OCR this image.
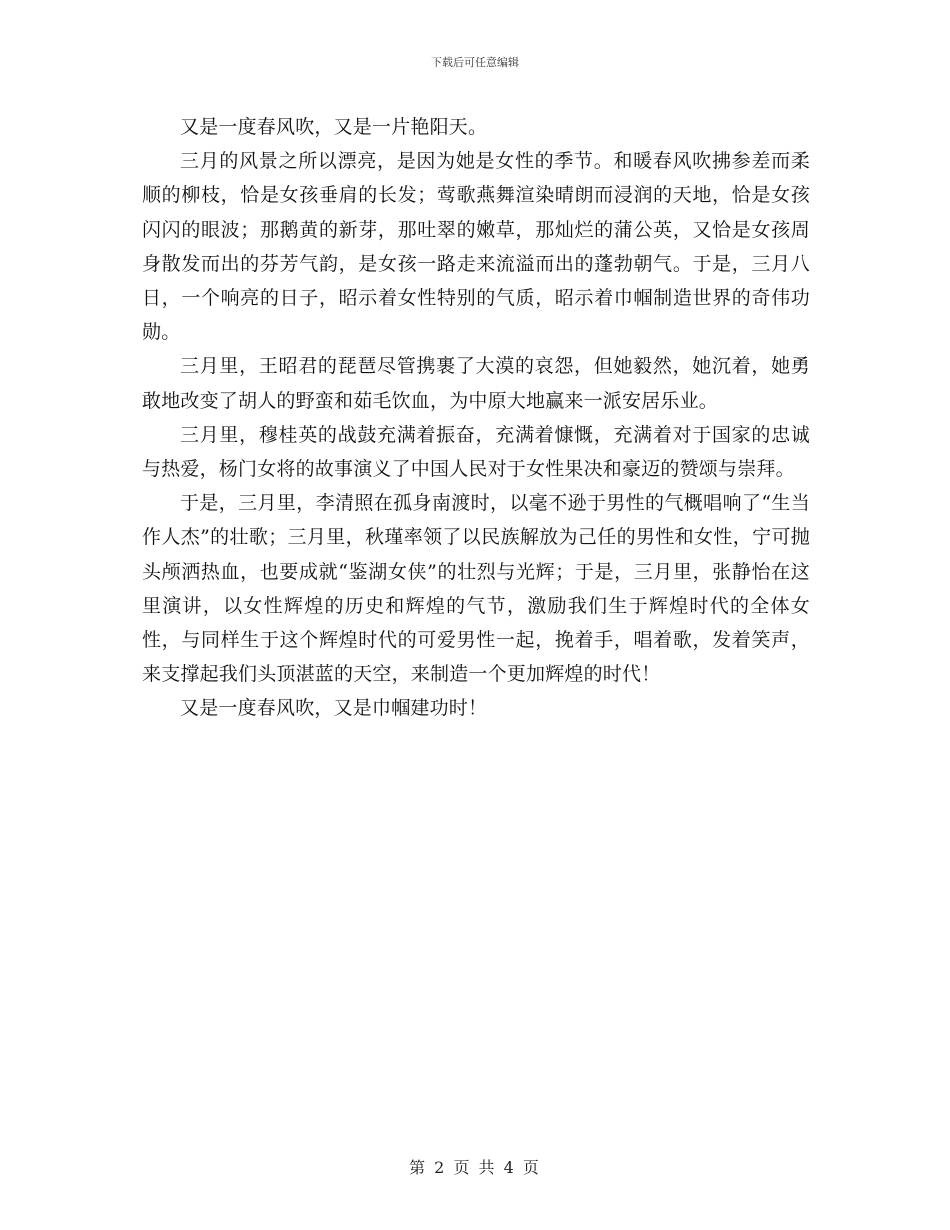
下载后可任意编辑

又是一度春风吹，又是一片艳阳天。

三月的风景之所以漂亮，是因为她是女性的季节。和暖春风吹拂参差而柔顺的柳枝，恰是女孩垂肩的长发；莺歌燕舞渲染晴朗而浸润的天地，恰是女孩闪闪的眼波；那鹅黄的新芽，那吐翠的嫩草，那灿烂的蒲公英，又恰是女孩周身散发而出的芬芳气韵，是女孩一路走来流溢而出的蓬勃朝气。于是，三月八日，一个响亮的日子，昭示着女性特别的气质，昭示着巾帼制造世界的奇伟功勋。

三月里，王昭君的琵琶尽管携裹了大漠的哀怨，但她毅然，她沉着，她勇敢地改变了胡人的野蛮和茹毛饮血，为中原大地赢来一派安居乐业。

三月里，穆桂英的战鼓充满着振奋，充满着慷慨，充满着对于国家的忠诚与热爱，杨门女将的故事演义了中国人民对于女性果决和豪迈的赞颂与崇拜。

于是，三月里，李清照在孤身南渡时，以毫不逊于男性的气概唱响了“生当作人杰”的壮歌；三月里，秋瑾率领了以民族解放为己任的男性和女性，宁可抛头颅洒热血，也要成就“鉴湖女侠”的壮烈与光辉；于是，三月里，张静怡在这里演讲，以女性辉煌的历史和辉煌的气节，激励我们生于辉煌时代的全体女性，与同样生于这个辉煌时代的可爱男性一起，挽着手，唱着歌，发着笑声，来支撑起我们头顶湛蓝的天空，来制造一个更加辉煌的时代！

又是一度春风吹，又是巾帼建功时！

第 2 页 共 4 页
